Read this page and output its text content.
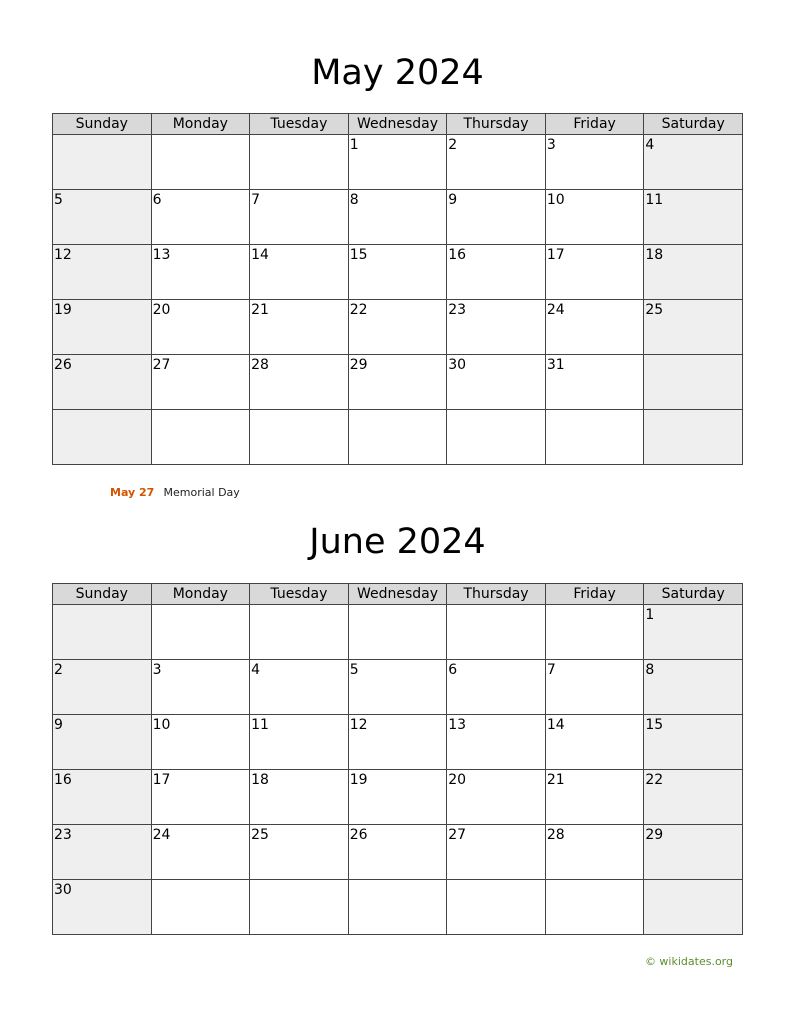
May 2024
Sunday	Monday	Tuesday	Wednesday	Thursday	Friday	Saturday

			1	2	3	4

5	6	7	8	9	10	11

12	13	14	15	16	17	18

19	20	21	22	23	24	25

26	27	28	29	30	31	

May 27 Memorial Day
June 2024
Sunday	Monday	Tuesday	Wednesday	Thursday	Friday	Saturday

						1

2	3	4	5	6	7	8

9	10	11	12	13	14	15

16	17	18	19	20	21	22

23	24	25	26	27	28	29

30						

© wikidates.org
